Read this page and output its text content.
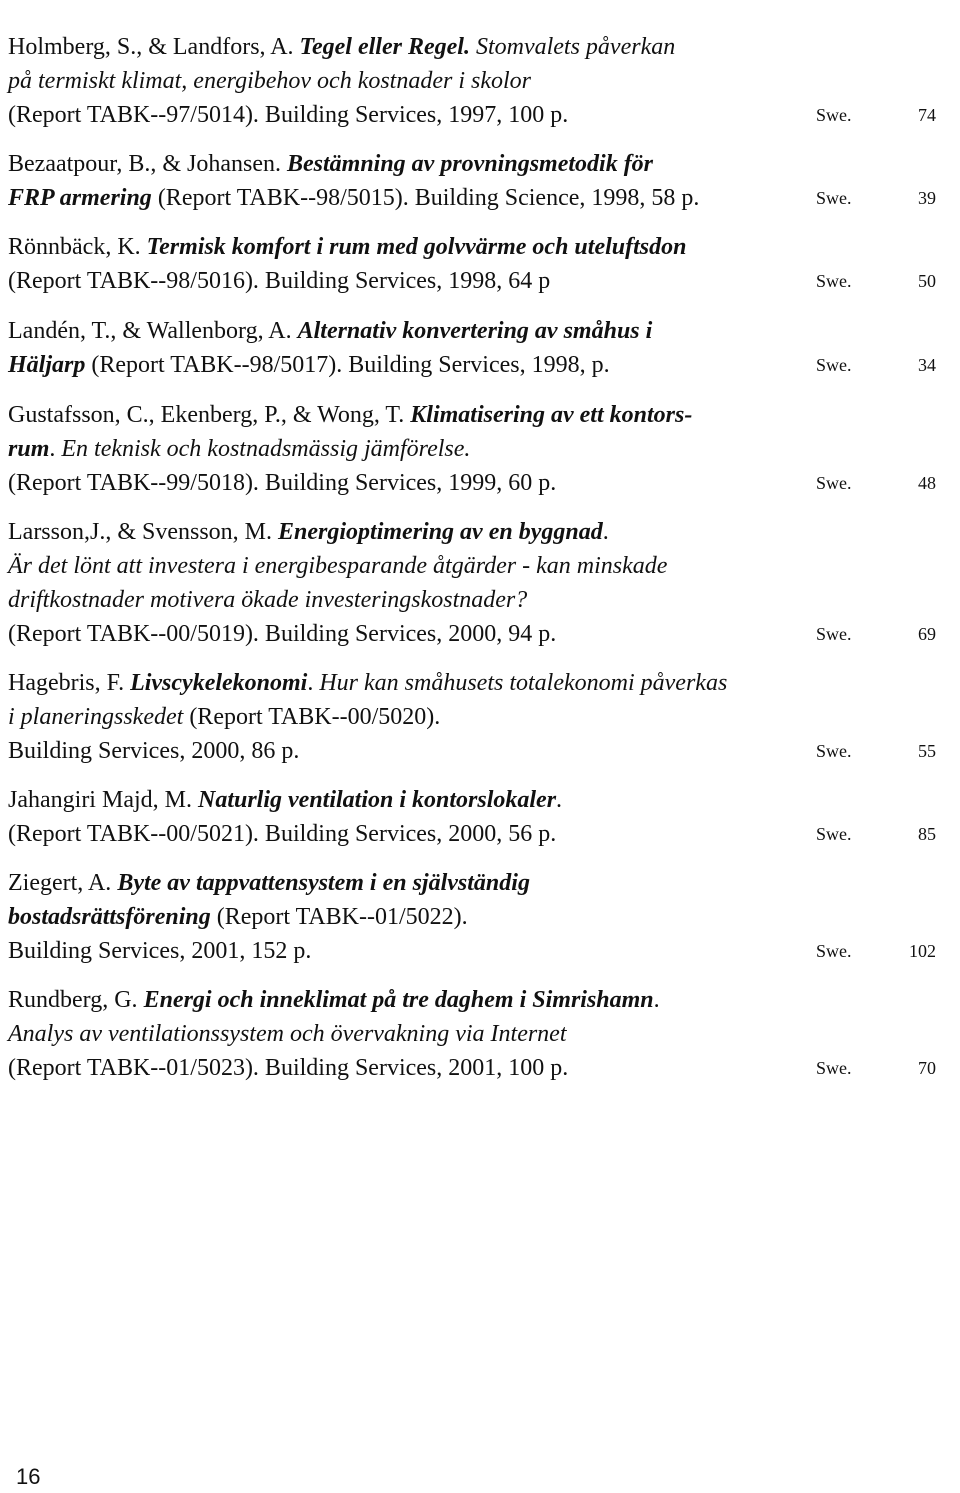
Holmberg, S., & Landfors, A. Tegel eller Regel. Stomvalets påverkan
på termiskt klimat, energibehov och kostnader i skolor
(Report TABK--97/5014). Building Services, 1997, 100 p.	Swe.	74
Bezaatpour, B., & Johansen. Bestämning av provningsmetodik för
FRP armering (Report TABK--98/5015). Building Science, 1998, 58 p.	Swe.	39
Rönnbäck, K. Termisk komfort i rum med golvvärme och uteluftsdon
(Report TABK--98/5016). Building Services, 1998, 64 p	Swe.	50
Landén, T., & Wallenborg, A. Alternativ konvertering av småhus i
Häljarp (Report TABK--98/5017). Building Services, 1998, p.	Swe.	34
Gustafsson, C., Ekenberg, P., & Wong, T. Klimatisering av ett kontors-
rum. En teknisk och kostnadsmässig jämförelse.
(Report TABK--99/5018). Building Services, 1999, 60 p.	Swe.	48
Larsson,J., & Svensson, M. Energioptimering av en byggnad.
Är det lönt att investera i energibesparande åtgärder - kan minskade
driftkostnader motivera ökade investeringskostnader?
(Report TABK--00/5019). Building Services, 2000, 94 p.	Swe.	69
Hagebris, F. Livscykelekonomi. Hur kan småhusets totalekonomi påverkas
i planeringsskedet (Report TABK--00/5020).
Building Services, 2000, 86 p.	Swe.	55
Jahangiri Majd, M. Naturlig ventilation i kontorslokaler.
(Report TABK--00/5021). Building Services, 2000, 56 p.	Swe.	85
Ziegert, A. Byte av tappvattensystem i en självständig
bostadsrättsförening (Report TABK--01/5022).
Building Services, 2001, 152 p.	Swe.	102
Rundberg, G. Energi och inneklimat på tre daghem i Simrishamn.
Analys av ventilationssystem och övervakning via Internet
(Report TABK--01/5023). Building Services, 2001, 100 p.	Swe.	70
16
